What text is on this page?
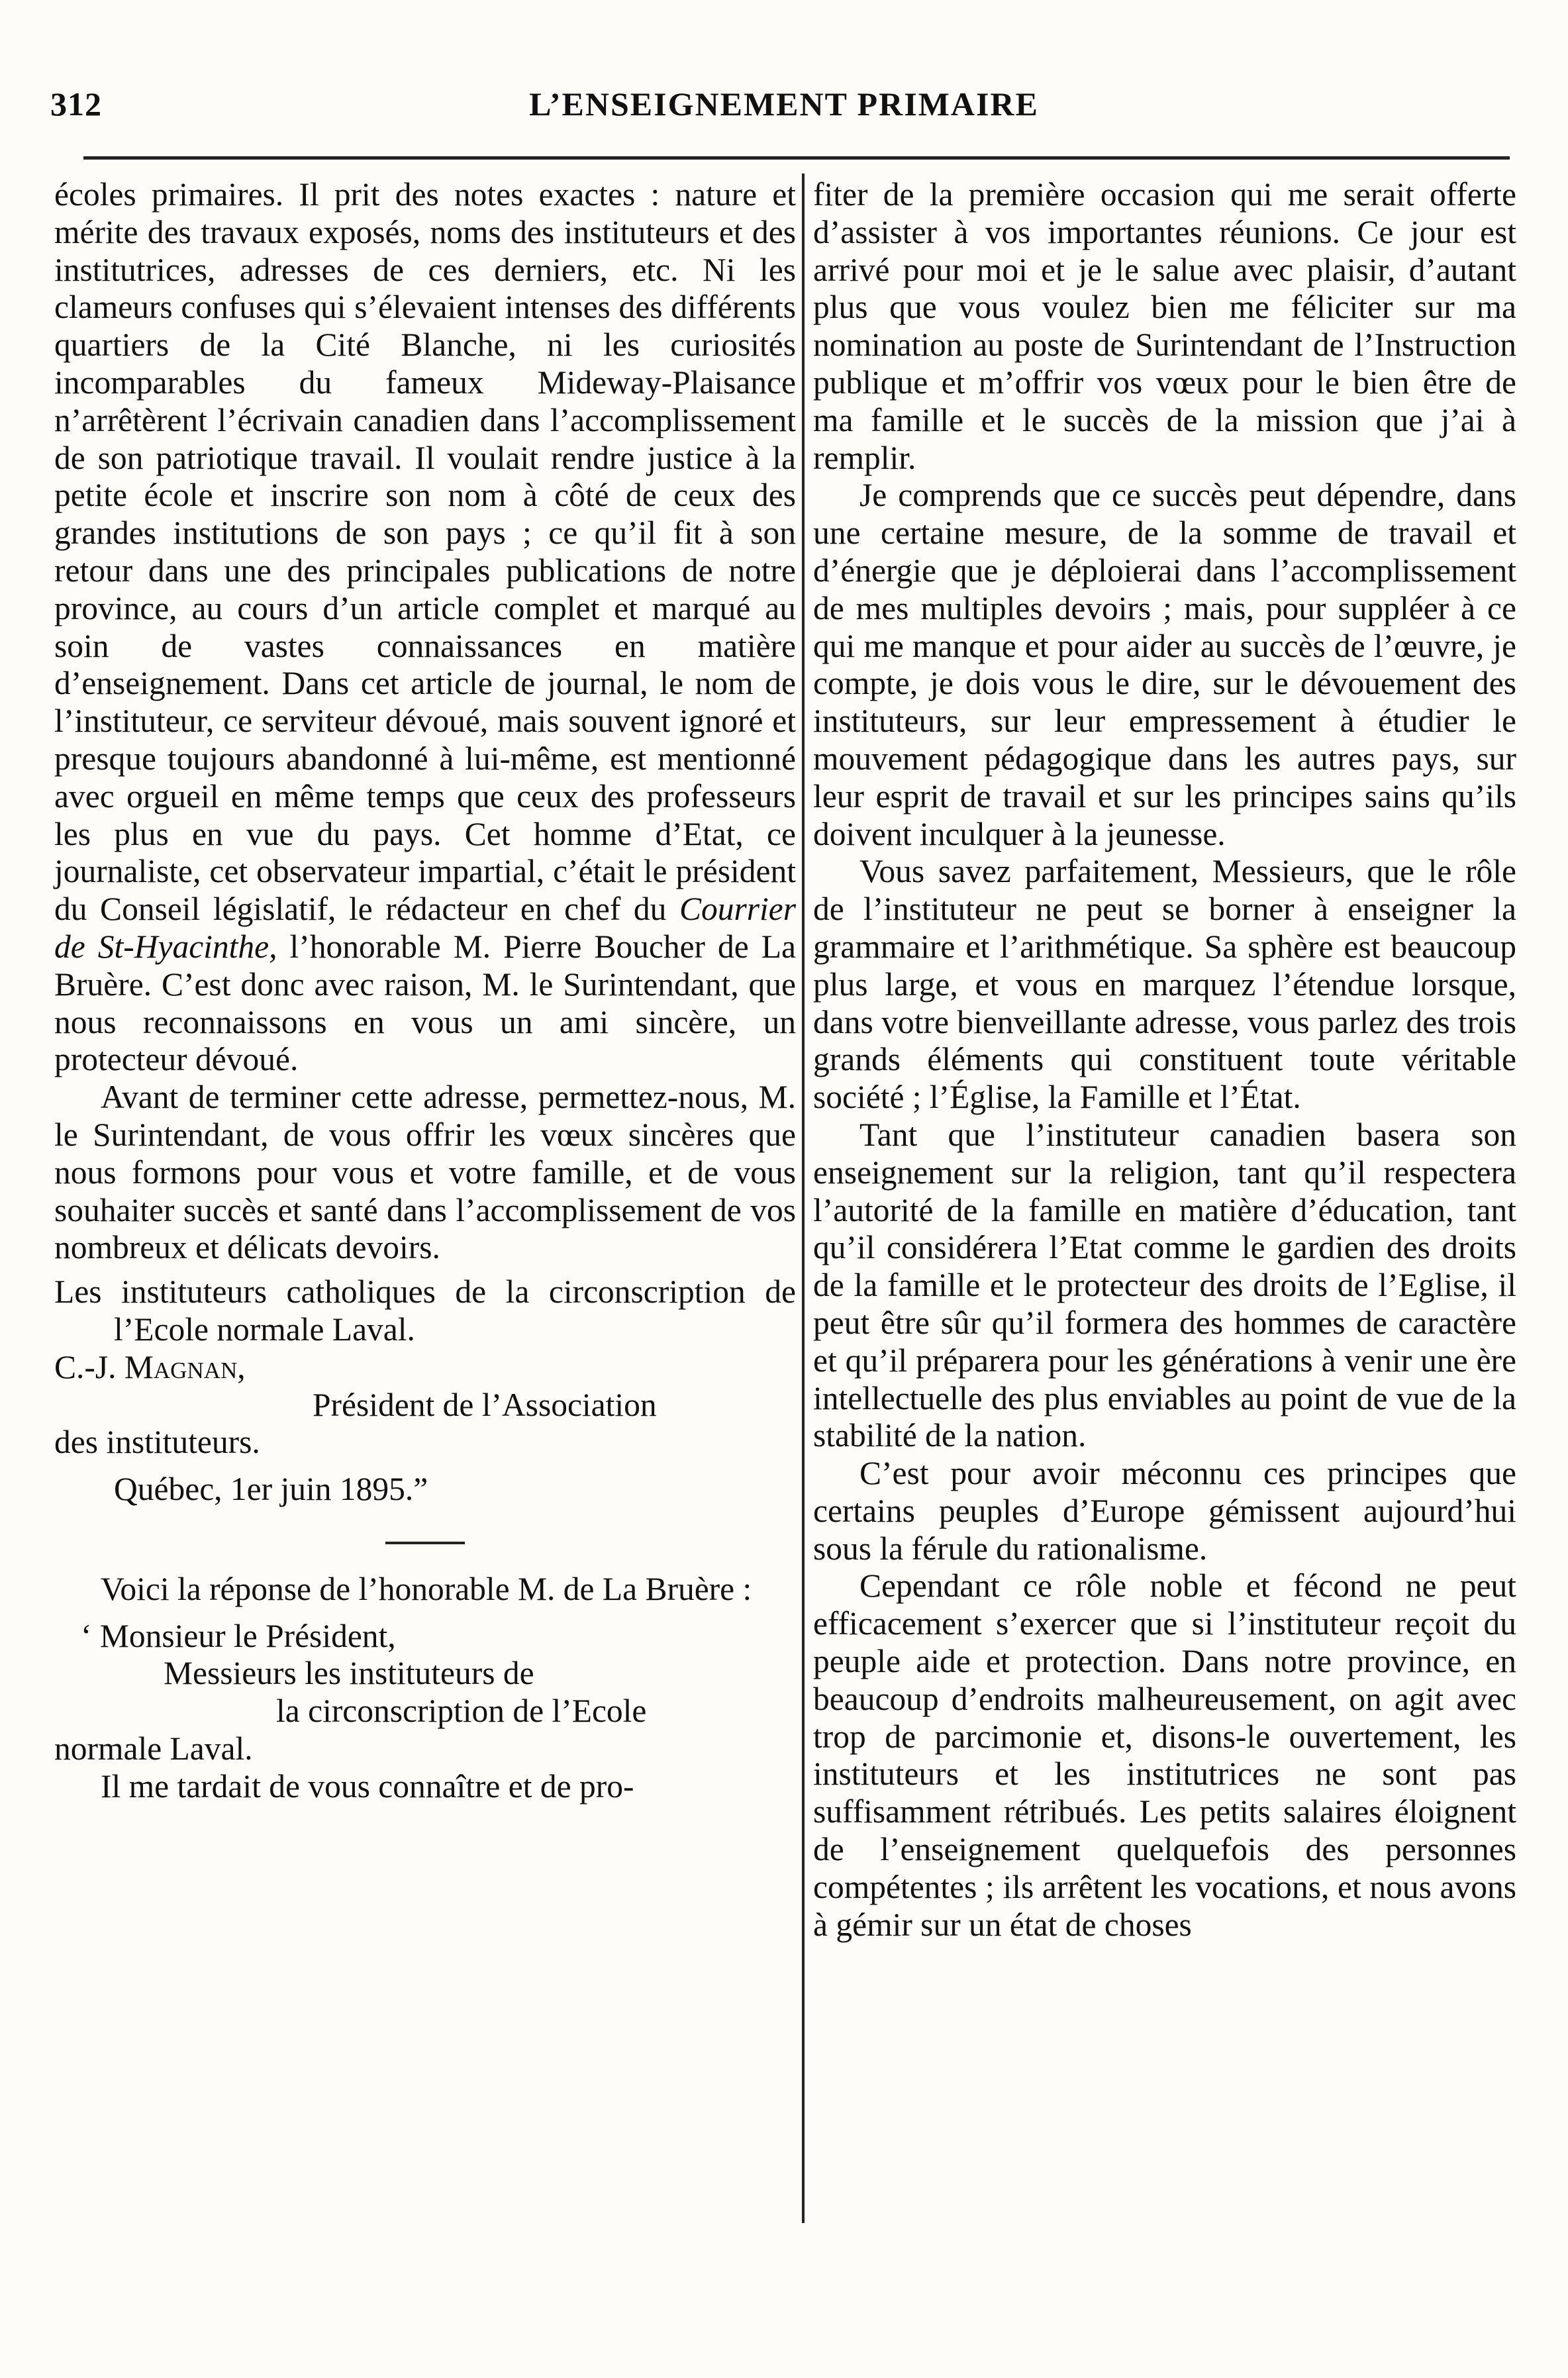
312	L’ENSEIGNEMENT PRIMAIRE

écoles primaires. Il prit des notes exactes : nature et mérite des travaux exposés, noms des instituteurs et des institutrices, adresses de ces derniers, etc. Ni les clameurs confuses qui s’élevaient intenses des différents quartiers de la Cité Blanche, ni les curiosités incomparables du fameux Mideway-Plaisance n’arrêtèrent l’écrivain canadien dans l’accomplissement de son patriotique travail. Il voulait rendre justice à la petite école et inscrire son nom à côté de ceux des grandes institutions de son pays ; ce qu’il fit à son retour dans une des principales publications de notre province, au cours d’un article complet et marqué au soin de vastes connaissances en matière d’enseignement. Dans cet article de journal, le nom de l’instituteur, ce serviteur dévoué, mais souvent ignoré et presque toujours abandonné à lui-même, est mentionné avec orgueil en même temps que ceux des professeurs les plus en vue du pays. Cet homme d’Etat, ce journaliste, cet observateur impartial, c’était le président du Conseil législatif, le rédacteur en chef du Courrier de St-Hyacinthe, l’honorable M. Pierre Boucher de La Bruère. C’est donc avec raison, M. le Surintendant, que nous reconnaissons en vous un ami sincère, un protecteur dévoué.

Avant de terminer cette adresse, permettez-nous, M. le Surintendant, de vous offrir les vœux sincères que nous formons pour vous et votre famille, et de vous souhaiter succès et santé dans l’accomplissement de vos nombreux et délicats devoirs.

Les instituteurs catholiques de la circonscription de l’Ecole normale Laval.

C.-J. Magnan,

Président de l’Association

des instituteurs.

Québec, 1er juin 1895.”

Voici la réponse de l’honorable M. de La Bruère :

‘ Monsieur le Président,

Messieurs les instituteurs de

la circonscription de l’Ecole

normale Laval.

Il me tardait de vous connaître et de pro-

fiter de la première occasion qui me serait offerte d’assister à vos importantes réunions. Ce jour est arrivé pour moi et je le salue avec plaisir, d’autant plus que vous voulez bien me féliciter sur ma nomination au poste de Surintendant de l’Instruction publique et m’offrir vos vœux pour le bien être de ma famille et le succès de la mission que j’ai à remplir.

Je comprends que ce succès peut dépendre, dans une certaine mesure, de la somme de travail et d’énergie que je déploierai dans l’accomplissement de mes multiples devoirs ; mais, pour suppléer à ce qui me manque et pour aider au succès de l’œuvre, je compte, je dois vous le dire, sur le dévouement des instituteurs, sur leur empressement à étudier le mouvement pédagogique dans les autres pays, sur leur esprit de travail et sur les principes sains qu’ils doivent inculquer à la jeunesse.

Vous savez parfaitement, Messieurs, que le rôle de l’instituteur ne peut se borner à enseigner la grammaire et l’arithmétique. Sa sphère est beaucoup plus large, et vous en marquez l’étendue lorsque, dans votre bienveillante adresse, vous parlez des trois grands éléments qui constituent toute véritable société ; l’Église, la Famille et l’État.

Tant que l’instituteur canadien basera son enseignement sur la religion, tant qu’il respectera l’autorité de la famille en matière d’éducation, tant qu’il considérera l’Etat comme le gardien des droits de la famille et le protecteur des droits de l’Eglise, il peut être sûr qu’il formera des hommes de caractère et qu’il préparera pour les générations à venir une ère intellectuelle des plus enviables au point de vue de la stabilité de la nation.

C’est pour avoir méconnu ces principes que certains peuples d’Europe gémissent aujourd’hui sous la férule du rationalisme.

Cependant ce rôle noble et fécond ne peut efficacement s’exercer que si l’instituteur reçoit du peuple aide et protection. Dans notre province, en beaucoup d’endroits malheureusement, on agit avec trop de parcimonie et, disons-le ouvertement, les instituteurs et les institutrices ne sont pas suffisamment rétribués. Les petits salaires éloignent de l’enseignement quelquefois des personnes compétentes ; ils arrêtent les vocations, et nous avons à gémir sur un état de choses
